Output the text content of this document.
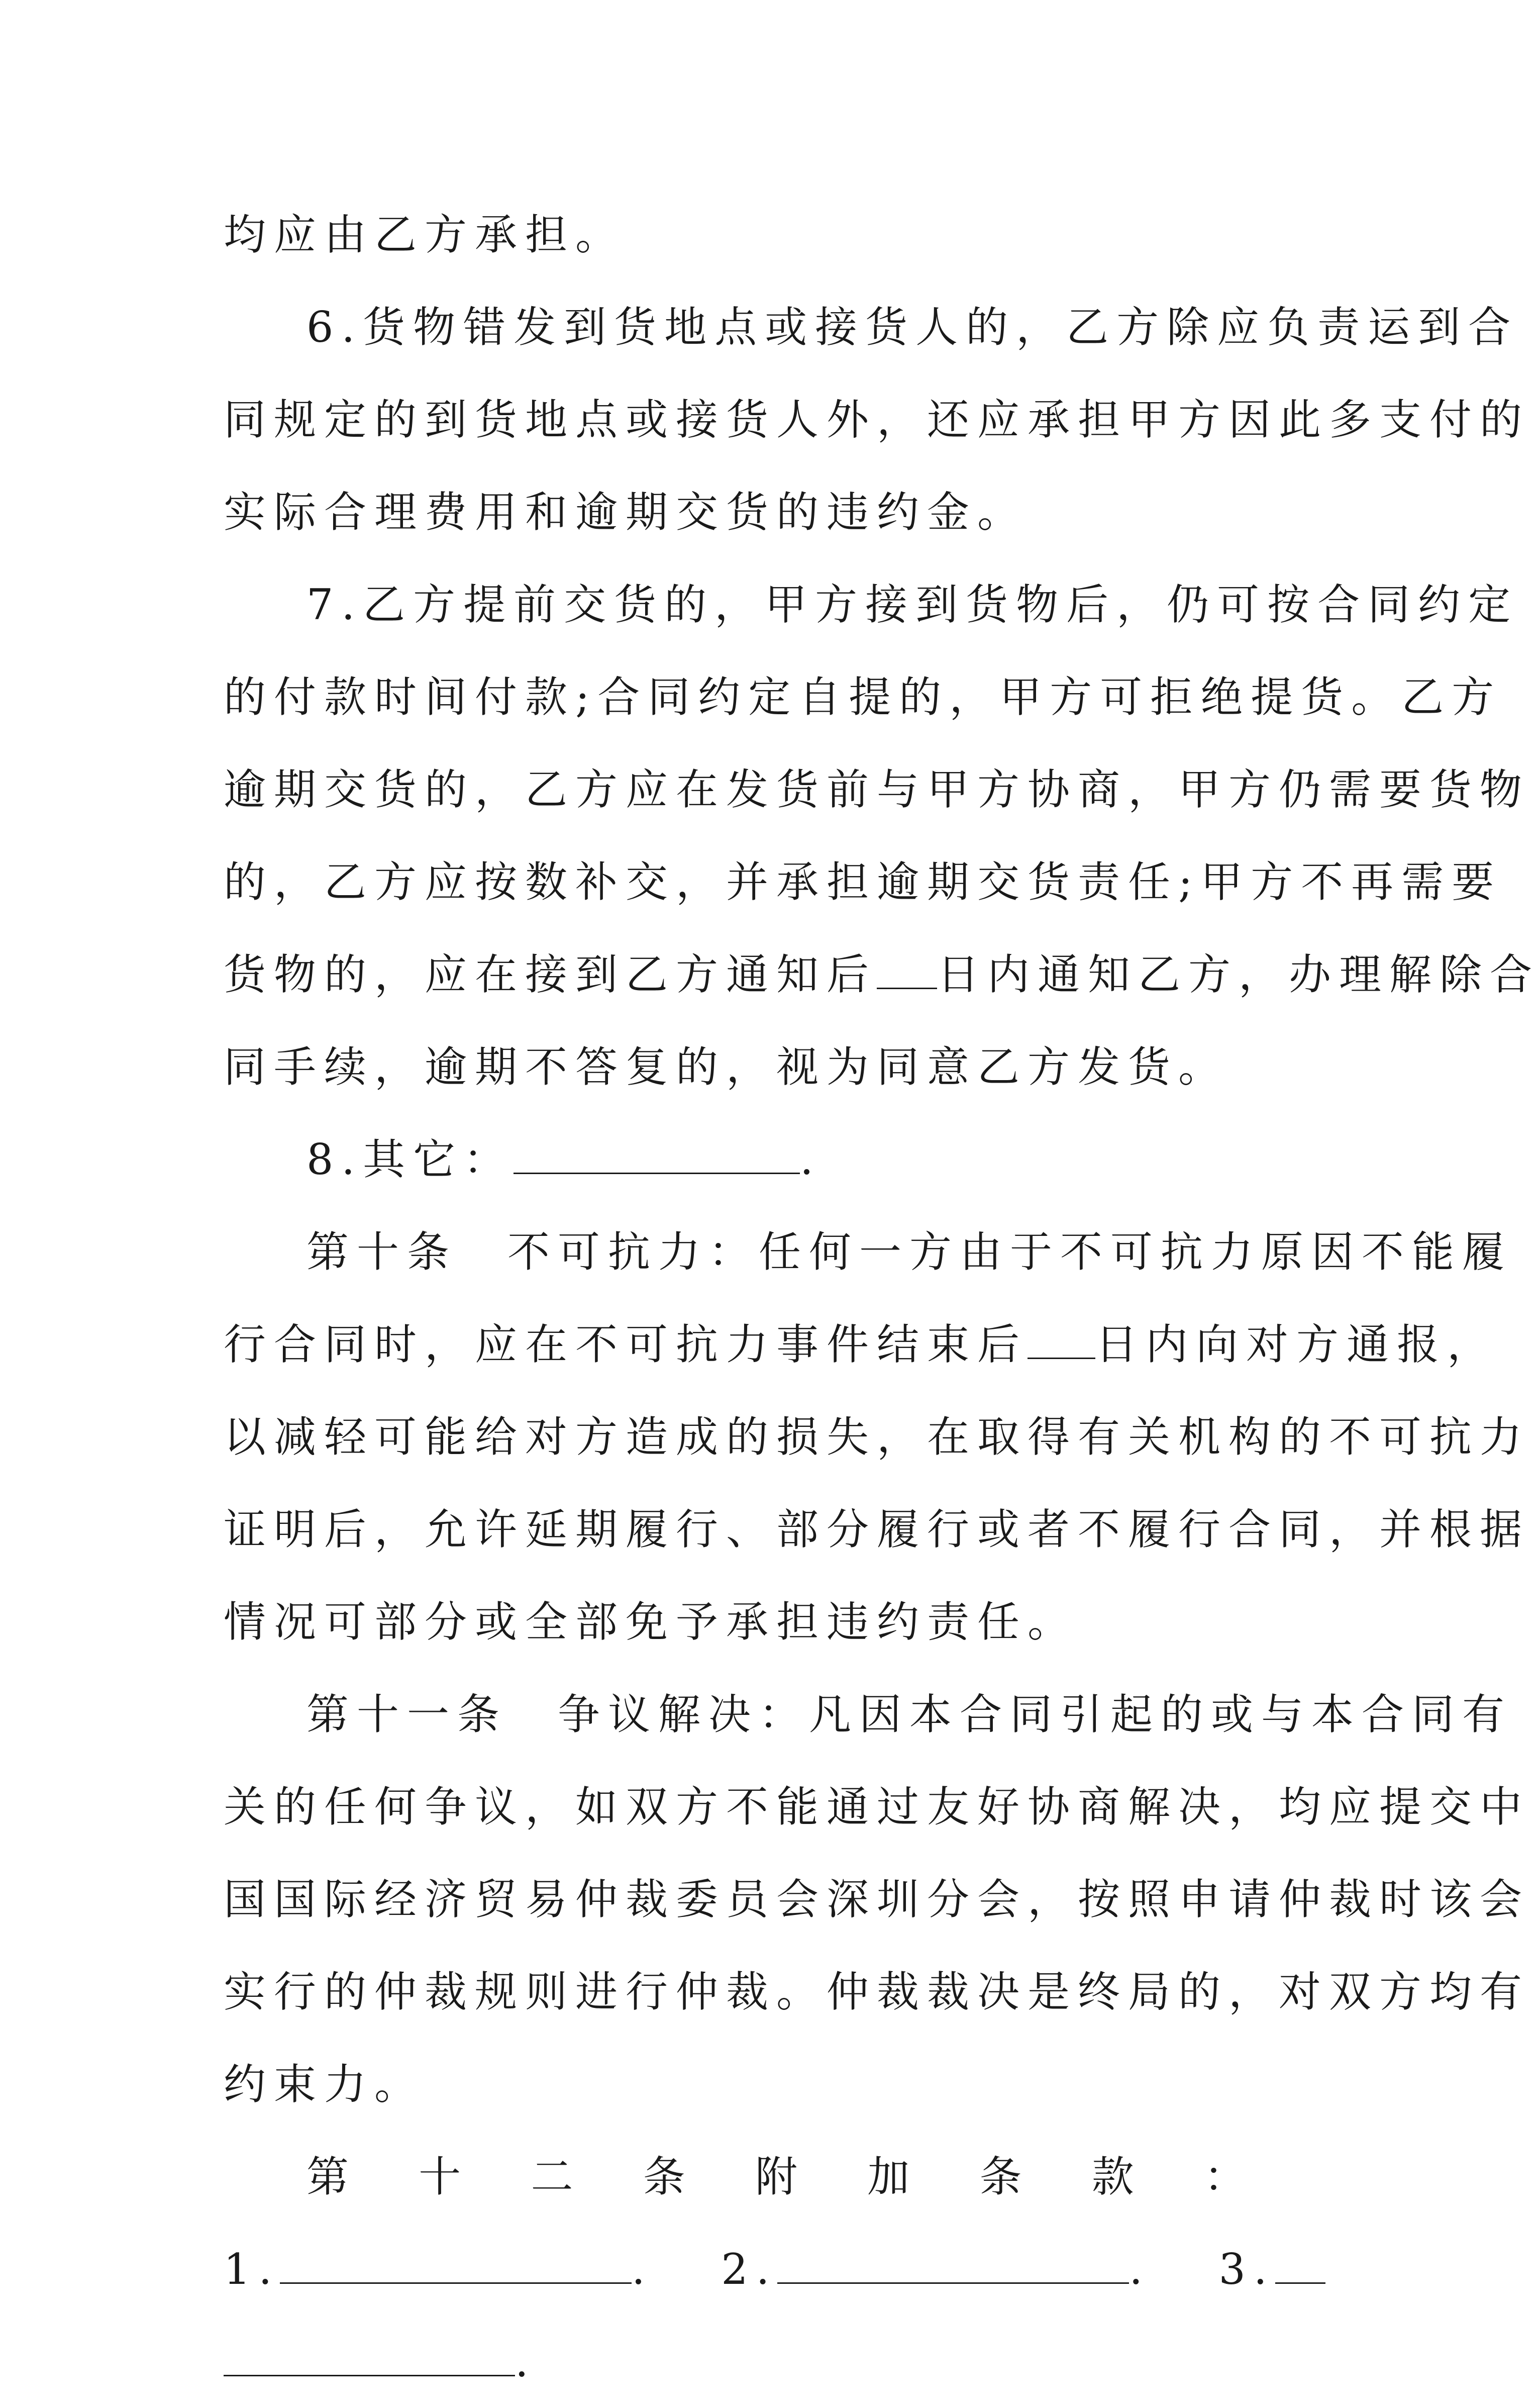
均应由乙方承担。
6.货物错发到货地点或接货人的，乙方除应负责运到合
同规定的到货地点或接货人外，还应承担甲方因此多支付的
实际合理费用和逾期交货的违约金。
7.乙方提前交货的，甲方接到货物后，仍可按合同约定
的付款时间付款;合同约定自提的，甲方可拒绝提货。乙方
逾期交货的，乙方应在发货前与甲方协商，甲方仍需要货物
的，乙方应按数补交，并承担逾期交货责任;甲方不再需要
货物的，应在接到乙方通知后 日内通知乙方，办理解除合
同手续，逾期不答复的，视为同意乙方发货。
8.其它：	.
第十条　不可抗力：任何一方由于不可抗力原因不能履
行合同时，应在不可抗力事件结束后 日内向对方通报，
以减轻可能给对方造成的损失，在取得有关机构的不可抗力
证明后，允许延期履行、部分履行或者不履行合同，并根据
情况可部分或全部免予承担违约责任。
第十一条　争议解决：凡因本合同引起的或与本合同有
关的任何争议，如双方不能通过友好协商解决，均应提交中
国国际经济贸易仲裁委员会深圳分会，按照申请仲裁时该会
实行的仲裁规则进行仲裁。仲裁裁决是终局的，对双方均有
约束力。
第 十 二 条 附 加 条 款 ：
1.	. 2.	. 3.
.
